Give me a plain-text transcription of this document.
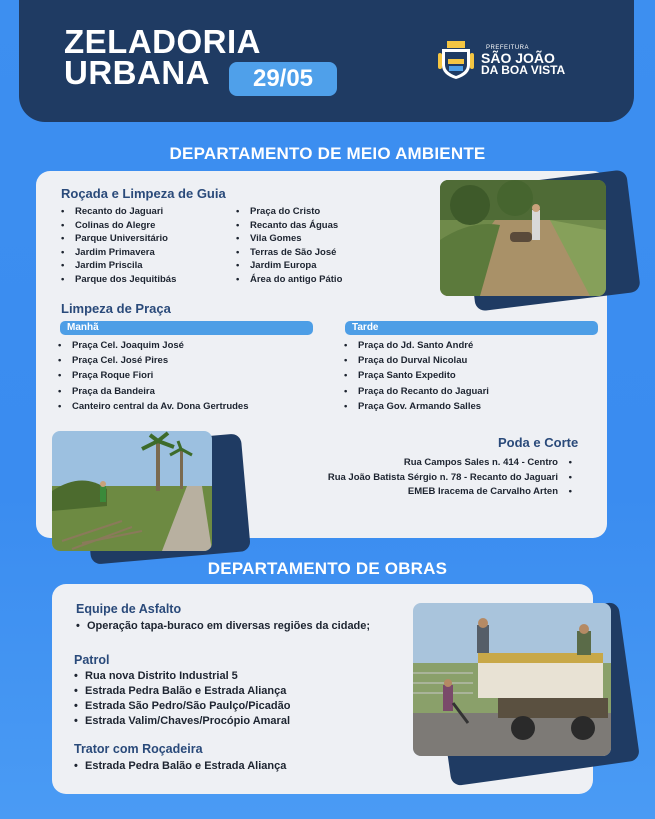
ZELADORIA
URBANA	29/05
PREFEITURA
SÃO JOÃO
DA BOA VISTA
DEPARTAMENTO DE MEIO AMBIENTE
Roçada e Limpeza de Guia
• Recanto do Jaguari
• Colinas do Alegre
• Parque Universitário
• Jardim Primavera
• Jardim Priscila
• Parque dos Jequitibás
• Praça do Cristo
• Recanto das Águas
• Vila Gomes
• Terras de São José
• Jardim Europa
• Área do antigo Pátio
Limpeza de Praça
Manhã	Tarde
• Praça Cel. Joaquim José
• Praça Cel. José Pires
• Praça Roque Fiori
• Praça da Bandeira
• Canteiro central da Av. Dona Gertrudes
• Praça do Jd. Santo André
• Praça do Durval Nicolau
• Praça Santo Expedito
• Praça do Recanto do Jaguari
• Praça Gov. Armando Salles
Poda e Corte
Rua Campos Sales n. 414 - Centro •
Rua João Batista Sérgio n. 78 - Recanto do Jaguari •
EMEB Iracema de Carvalho Arten •
DEPARTAMENTO DE OBRAS
Equipe de Asfalto
• Operação tapa-buraco em diversas regiões da cidade;
Patrol
• Rua nova Distrito Industrial 5
• Estrada Pedra Balão e Estrada Aliança
• Estrada São Pedro/São Paulço/Picadão
• Estrada Valim/Chaves/Procópio Amaral
Trator com Roçadeira
• Estrada Pedra Balão e Estrada Aliança
